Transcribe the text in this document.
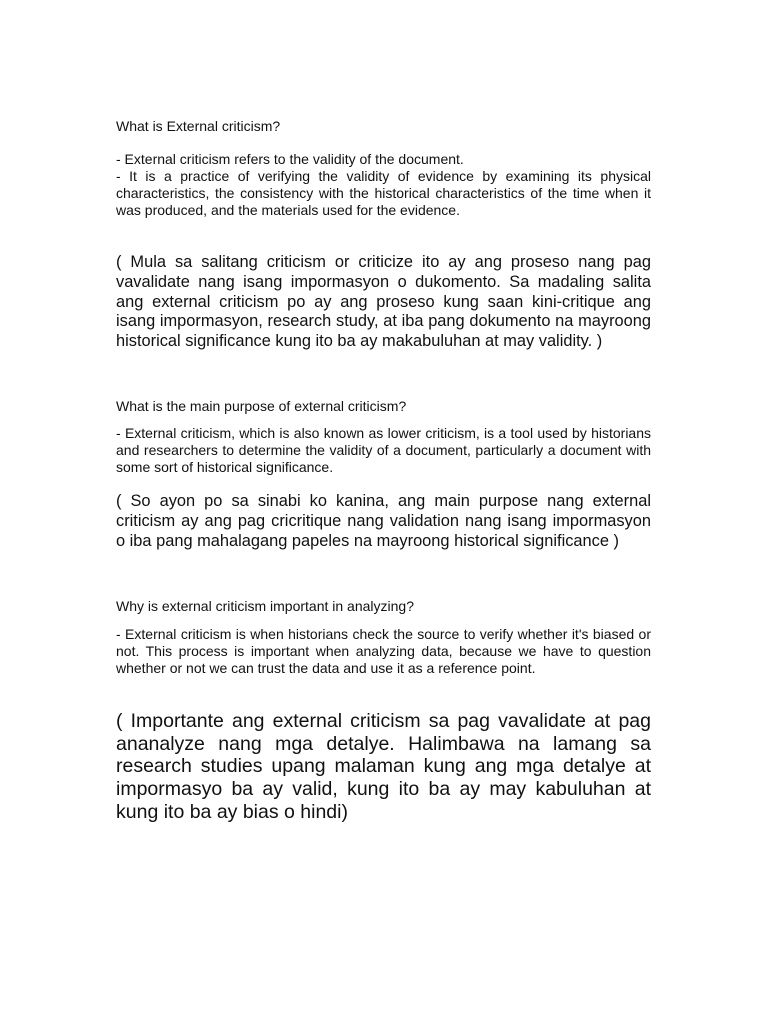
What is External criticism?

- External criticism refers to the validity of the document.

- It is a practice of verifying the validity of evidence by examining its physical characteristics, the consistency with the historical characteristics of the time when it was produced, and the materials used for the evidence.

( Mula sa salitang criticism or criticize ito ay ang proseso nang pag vavalidate nang isang impormasyon o dukomento. Sa madaling salita ang external criticism po ay ang proseso kung saan kini-critique ang isang impormasyon, research study, at iba pang dokumento na mayroong historical significance kung ito ba ay makabuluhan at may validity. )

What is the main purpose of external criticism?

- External criticism, which is also known as lower criticism, is a tool used by historians and researchers to determine the validity of a document, particularly a document with some sort of historical significance.

( So ayon po sa sinabi ko kanina, ang main purpose nang external criticism ay ang pag cricritique nang validation nang isang impormasyon o iba pang mahalagang papeles na mayroong historical significance )

Why is external criticism important in analyzing?

- External criticism is when historians check the source to verify whether it's biased or not. This process is important when analyzing data, because we have to question whether or not we can trust the data and use it as a reference point.

( Importante ang external criticism sa pag vavalidate at pag ananalyze nang mga detalye. Halimbawa na lamang sa research studies upang malaman kung ang mga detalye at impormasyo ba ay valid, kung ito ba ay may kabuluhan at kung ito ba ay bias o hindi)
